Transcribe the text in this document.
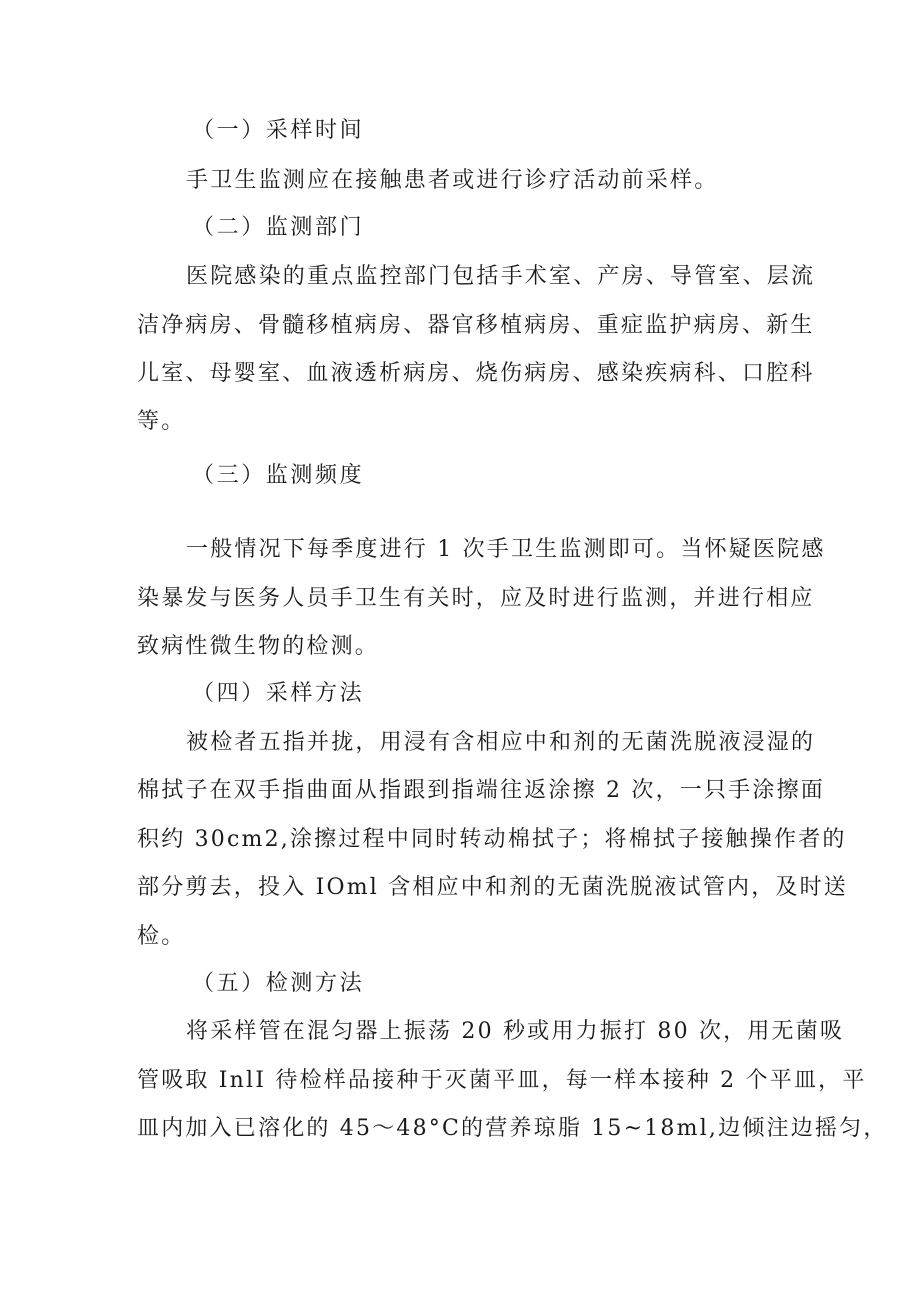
（一）采样时间
手卫生监测应在接触患者或进行诊疗活动前采样。
（二）监测部门
医院感染的重点监控部门包括手术室、产房、导管室、层流
洁净病房、骨髓移植病房、器官移植病房、重症监护病房、新生
儿室、母婴室、血液透析病房、烧伤病房、感染疾病科、口腔科
等。
（三）监测频度
一般情况下每季度进行 1 次手卫生监测即可。当怀疑医院感
染暴发与医务人员手卫生有关时，应及时进行监测，并进行相应
致病性微生物的检测。
（四）采样方法
被检者五指并拢，用浸有含相应中和剂的无菌洗脱液浸湿的
棉拭子在双手指曲面从指跟到指端往返涂擦 2 次，一只手涂擦面
积约 30cm2,涂擦过程中同时转动棉拭子；将棉拭子接触操作者的
部分剪去，投入 IOml 含相应中和剂的无菌洗脱液试管内，及时送
检。
（五）检测方法
将采样管在混匀器上振荡 20 秒或用力振打 80 次，用无菌吸
管吸取 InlI 待检样品接种于灭菌平皿，每一样本接种 2 个平皿，平
皿内加入已溶化的 45～48°C的营养琼脂 15~18ml,边倾注边摇匀，
